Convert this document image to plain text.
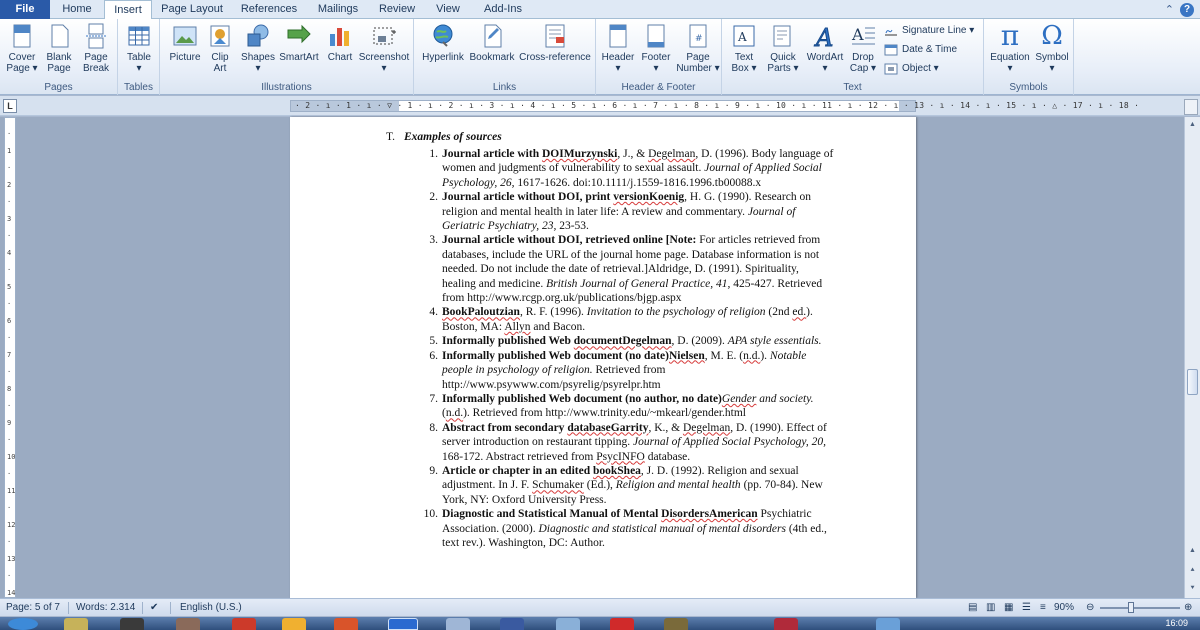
File	Home	Insert	Page Layout	References	Mailings	Review	View	Add-Ins	⌃ ?
Cover
Page ▾
Blank
Page
Page
Break
Pages
Table
▾
Tables
Picture	Clip
Art
Shapes
▾
SmartArt Chart Screenshot
▾
Illustrations
Hyperlink Bookmark Cross-reference
Links
Header
▾
Footer
▾
#
Page
Number ▾
Header & Footer
A
Text
Box ▾
Quick
Parts ▾
A
WordArt
▾
A
Drop
Cap ▾
Signature Line ▾
Date & Time
Object ▾
Text
π
Equation
▾
Ω
Symbol
▾
Symbols
L	· 2 · ı · 1 · ı · ▽ · 1 · ı · 2 · ı · 3 · ı · 4 · ı · 5 · ı · 6 · ı · 7 · ı · 8 · ı · 9 · ı · 10 · ı · 11 · ı · 12 · ı · 13 · ı · 14 · ı · 15 · ı · △ · 17 · ı · 18 ·
·
1
·
2
·
3
·
4
·
5
·
6
·
7
·
8
·
9
·
10
·
11
·
12
·
13
·
14
T. Examples of sources
1. Journal article with DOIMurzynski, J., & Degelman, D. (1996). Body language of women and judgments of vulnerability to sexual assault. Journal of Applied Social Psychology, 26, 1617-1626. doi:10.1111/j.1559-1816.1996.tb00088.x
2. Journal article without DOI, print versionKoenig, H. G. (1990). Research on religion and mental health in later life: A review and commentary. Journal of Geriatric Psychiatry, 23, 23-53.
3. Journal article without DOI, retrieved online [Note: For articles retrieved from databases, include the URL of the journal home page. Database information is not needed. Do not include the date of retrieval.]Aldridge, D. (1991). Spirituality, healing and medicine. British Journal of General Practice, 41, 425-427. Retrieved from http://www.rcgp.org.uk/publications/bjgp.aspx
4. BookPaloutzian, R. F. (1996). Invitation to the psychology of religion (2nd ed.). Boston, MA: Allyn and Bacon.
5. Informally published Web documentDegelman, D. (2009). APA style essentials.
6. Informally published Web document (no date)Nielsen, M. E. (n.d.). Notable people in psychology of religion. Retrieved from http://www.psywww.com/psyrelig/psyrelpr.htm
7. Informally published Web document (no author, no date)Gender and society. (n.d.). Retrieved from http://www.trinity.edu/~mkearl/gender.html
8. Abstract from secondary databaseGarrity, K., & Degelman, D. (1990). Effect of server introduction on restaurant tipping. Journal of Applied Social Psychology, 20, 168-172. Abstract retrieved from PsycINFO database.
9. Article or chapter in an edited bookShea, J. D. (1992). Religion and sexual adjustment. In J. F. Schumaker (Ed.), Religion and mental health (pp. 70-84). New York, NY: Oxford University Press.
10. Diagnostic and Statistical Manual of Mental DisordersAmerican Psychiatric Association. (2000). Diagnostic and statistical manual of mental disorders (4th ed., text rev.). Washington, DC: Author.
▲
▲
⯅
⯆
Page: 5 of 7 Words: 2.314 ✔ English (U.S.)	▤ ▥ ▦ ☰ ≡ 90% ⊖	⊕
16:09
